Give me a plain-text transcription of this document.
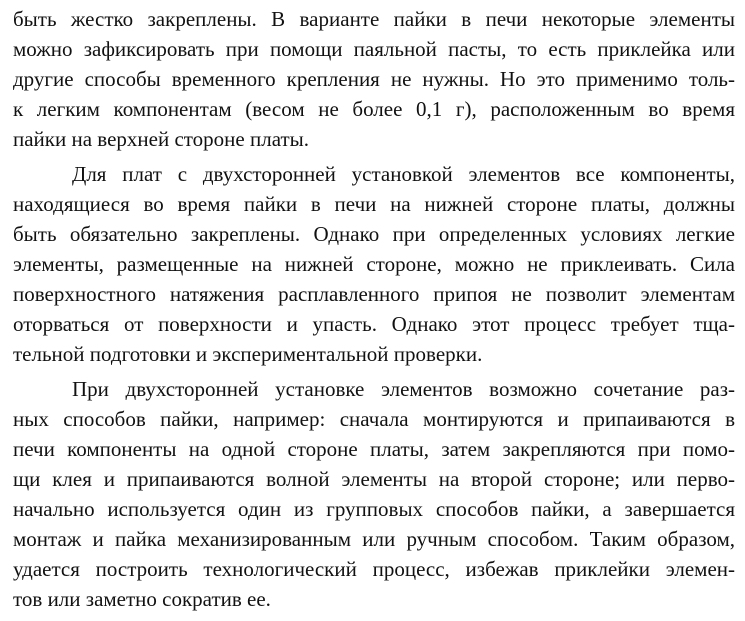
быть жестко закреплены. В варианте пайки в печи некоторые элементы
можно зафиксировать при помощи паяльной пасты, то есть приклейка или
другие способы временного крепления не нужны. Но это применимо толь-
к легким компонентам (весом не более 0,1 г), расположенным во время
пайки на верхней стороне платы.
Для плат с двухсторонней установкой элементов все компоненты,
находящиеся во время пайки в печи на нижней стороне платы, должны
быть обязательно закреплены. Однако при определенных условиях легкие
элементы, размещенные на нижней стороне, можно не приклеивать. Сила
поверхностного натяжения расплавленного припоя не позволит элементам
оторваться от поверхности и упасть. Однако этот процесс требует тща-
тельной подготовки и экспериментальной проверки.
При двухсторонней установке элементов возможно сочетание раз-
ных способов пайки, например: сначала монтируются и припаиваются в
печи компоненты на одной стороне платы, затем закрепляются при помо-
щи клея и припаиваются волной элементы на второй стороне; или перво-
начально используется один из групповых способов пайки, а завершается
монтаж и пайка механизированным или ручным способом. Таким образом,
удается построить технологический процесс, избежав приклейки элемен-
тов или заметно сократив ее.
